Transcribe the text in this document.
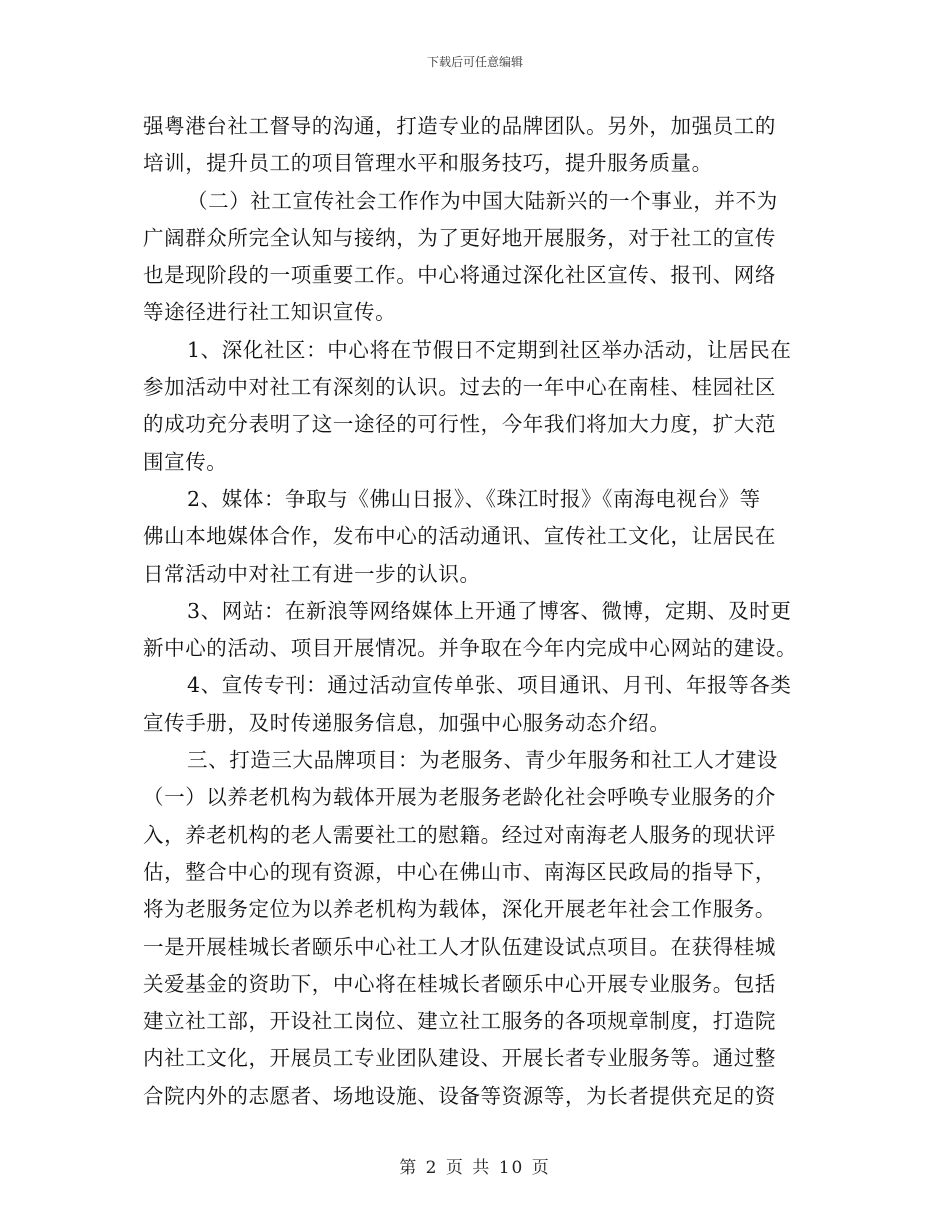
下载后可任意编辑
强粤港台社工督导的沟通，打造专业的品牌团队。另外，加强员工的
培训，提升员工的项目管理水平和服务技巧，提升服务质量。
（二）社工宣传社会工作作为中国大陆新兴的一个事业，并不为
广阔群众所完全认知与接纳，为了更好地开展服务，对于社工的宣传
也是现阶段的一项重要工作。中心将通过深化社区宣传、报刊、网络
等途径进行社工知识宣传。
1、深化社区：中心将在节假日不定期到社区举办活动，让居民在
参加活动中对社工有深刻的认识。过去的一年中心在南桂、桂园社区
的成功充分表明了这一途径的可行性，今年我们将加大力度，扩大范
围宣传。
2、媒体：争取与《佛山日报》、《珠江时报》《南海电视台》等
佛山本地媒体合作，发布中心的活动通讯、宣传社工文化，让居民在
日常活动中对社工有进一步的认识。
3、网站：在新浪等网络媒体上开通了博客、微博，定期、及时更
新中心的活动、项目开展情况。并争取在今年内完成中心网站的建设。
4、宣传专刊：通过活动宣传单张、项目通讯、月刊、年报等各类
宣传手册，及时传递服务信息，加强中心服务动态介绍。
三、打造三大品牌项目：为老服务、青少年服务和社工人才建设
（一）以养老机构为载体开展为老服务老龄化社会呼唤专业服务的介
入，养老机构的老人需要社工的慰籍。经过对南海老人服务的现状评
估，整合中心的现有资源，中心在佛山市、南海区民政局的指导下，
将为老服务定位为以养老机构为载体，深化开展老年社会工作服务。
一是开展桂城长者颐乐中心社工人才队伍建设试点项目。在获得桂城
关爱基金的资助下，中心将在桂城长者颐乐中心开展专业服务。包括
建立社工部，开设社工岗位、建立社工服务的各项规章制度，打造院
内社工文化，开展员工专业团队建设、开展长者专业服务等。通过整
合院内外的志愿者、场地设施、设备等资源等，为长者提供充足的资
第 2 页 共 10 页
